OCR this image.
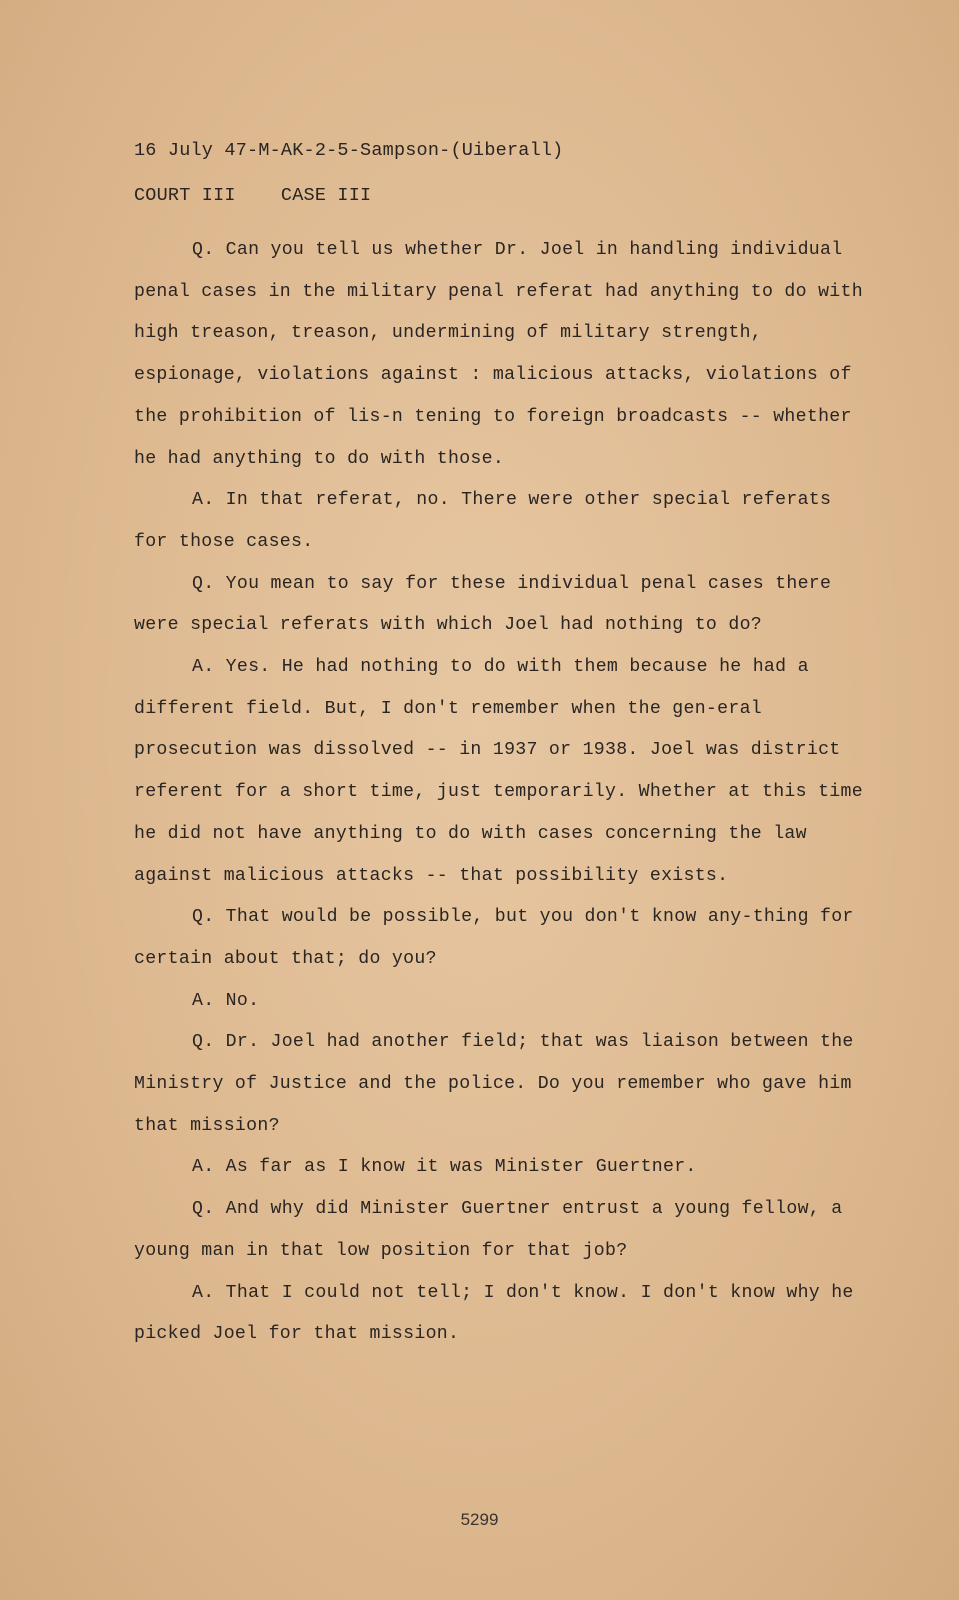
16 July 47-M-AK-2-5-Sampson-(Uiberall)
COURT III    CASE III

Q. Can you tell us whether Dr. Joel in handling individual penal cases in the military penal referat had anything to do with high treason, treason, undermining of military strength, espionage, violations against : malicious attacks, violations of the prohibition of lis-n tening to foreign broadcasts -- whether he had anything to do with those.

A. In that referat, no. There were other special referats for those cases.

Q. You mean to say for these individual penal cases there were special referats with which Joel had nothing to do?

A. Yes. He had nothing to do with them because he had a different field. But, I don't remember when the gen-eral prosecution was dissolved -- in 1937 or 1938. Joel was district referent for a short time, just temporarily. Whether at this time he did not have anything to do with cases concerning the law against malicious attacks -- that possibility exists.

Q. That would be possible, but you don't know any-thing for certain about that; do you?

A. No.

Q. Dr. Joel had another field; that was liaison between the Ministry of Justice and the police. Do you remember who gave him that mission?

A. As far as I know it was Minister Guertner.

Q. And why did Minister Guertner entrust a young fellow, a young man in that low position for that job?

A. That I could not tell; I don't know. I don't know why he picked Joel for that mission.

5299
